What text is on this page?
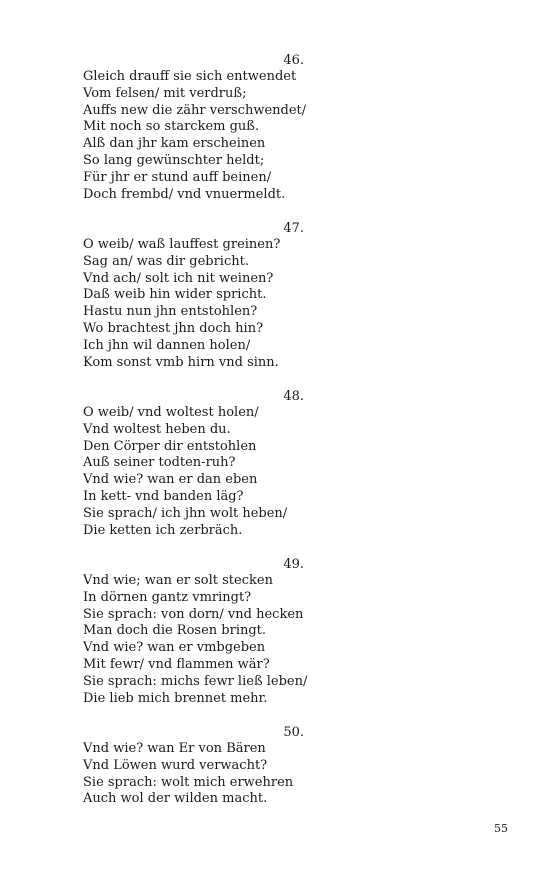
46.
Gleich drauff sie sich entwendet
Vom felsen/ mit verdruß;
Auffs new die zähr verschwendet/
Mit noch so starckem guß.
Alß dan jhr kam erscheinen
So lang gewünschter heldt;
Für jhr er stund auff beinen/
Doch frembd/ vnd vnuermeldt.
47.
O weib/ waß lauffest greinen?
Sag an/ was dir gebricht.
Vnd ach/ solt ich nit weinen?
Daß weib hin wider spricht.
Hastu nun jhn entstohlen?
Wo brachtest jhn doch hin?
Ich jhn wil dannen holen/
Kom sonst vmb hirn vnd sinn.
48.
O weib/ vnd woltest holen/
Vnd woltest heben du.
Den Cörper dir entstohlen
Auß seiner todten-ruh?
Vnd wie? wan er dan eben
In kett- vnd banden läg?
Sie sprach/ ich jhn wolt heben/
Die ketten ich zerbräch.
49.
Vnd wie; wan er solt stecken
In dörnen gantz vmringt?
Sie sprach: von dorn/ vnd hecken
Man doch die Rosen bringt.
Vnd wie? wan er vmbgeben
Mit fewr/ vnd flammen wär?
Sie sprach: michs fewr ließ leben/
Die lieb mich brennet mehr.
50.
Vnd wie? wan Er von Bären
Vnd Löwen wurd verwacht?
Sie sprach: wolt mich erwehren
Auch wol der wilden macht.
55
